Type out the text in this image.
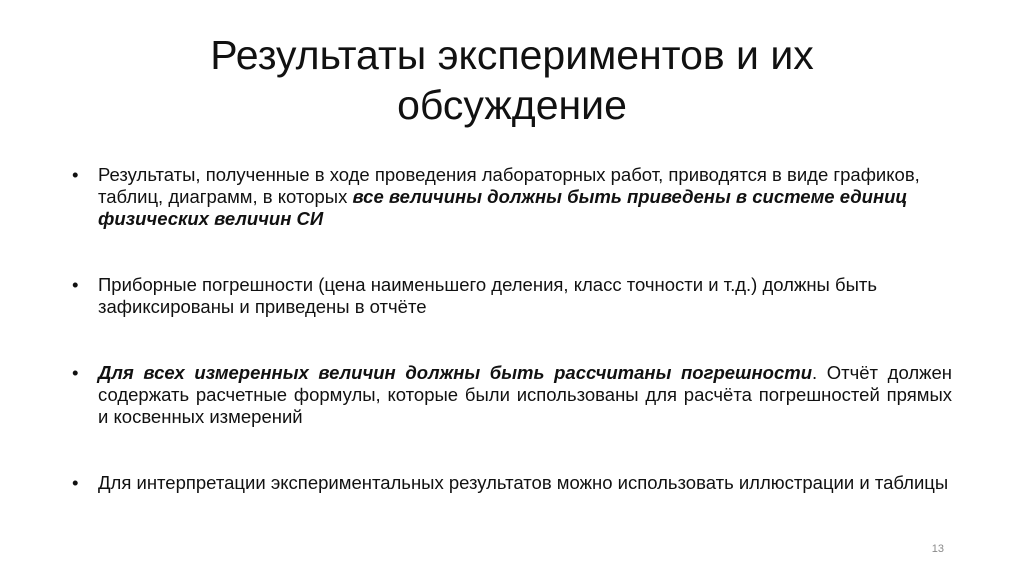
Результаты экспериментов и их
обсуждение
•	Результаты, полученные в ходе проведения лабораторных работ, приводятся в виде графиков, таблиц, диаграмм, в которых все величины должны быть приведены в системе единиц физических величин СИ
•	Приборные погрешности (цена наименьшего деления, класс точности и т.д.) должны быть зафиксированы и приведены в отчёте
•	Для всех измеренных величин должны быть рассчитаны погрешности. Отчёт должен содержать расчетные формулы, которые были использованы для расчёта погрешностей прямых и косвенных измерений
•	Для интерпретации экспериментальных результатов можно использовать иллюстрации и таблицы
13
